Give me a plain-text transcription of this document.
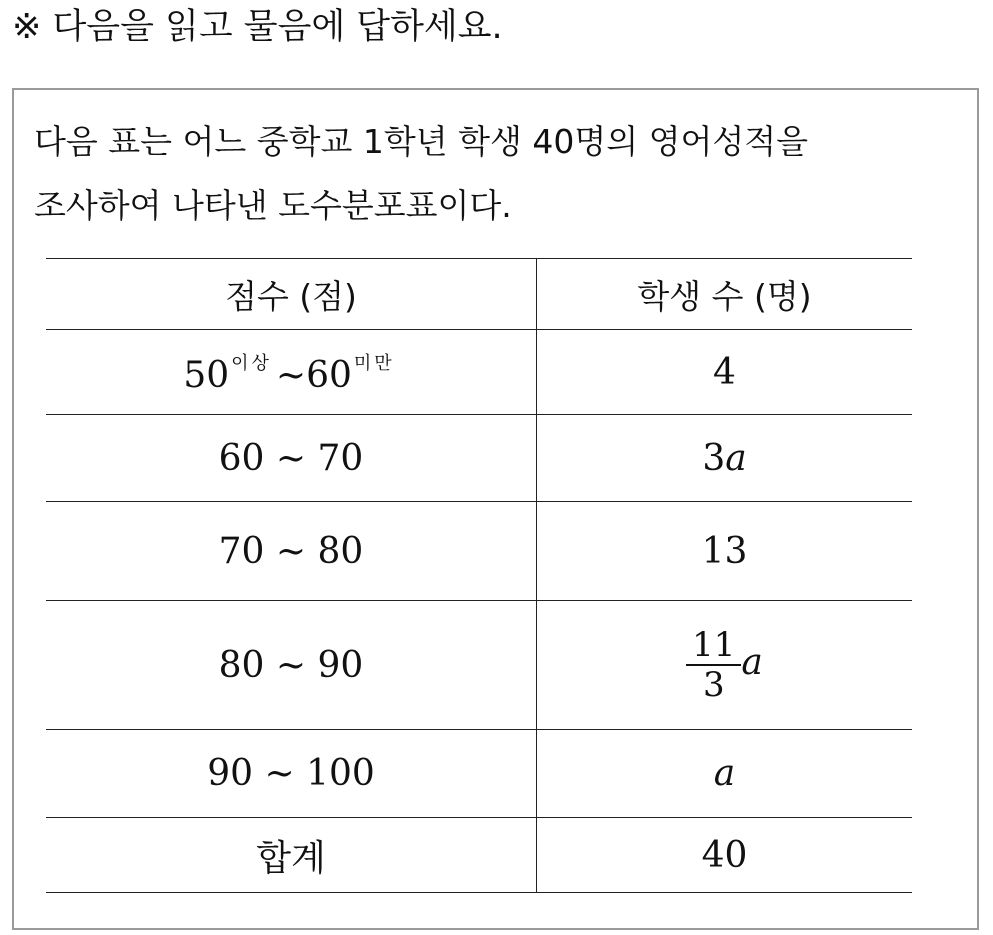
※ 다음을 읽고 물음에 답하세요.
다음 표는 어느 중학교 1학년 학생 40명의 영어성적을
조사하여 나타낸 도수분포표이다.
점수 (점)	학생 수 (명)
50 $^{이상}$ ~60 $^{미만}$	4
60 ~ 70	3a
70 ~ 80	13
80 ~ 90	$\frac{11}{3}$ a
90 ~ 100	a
합계	40
